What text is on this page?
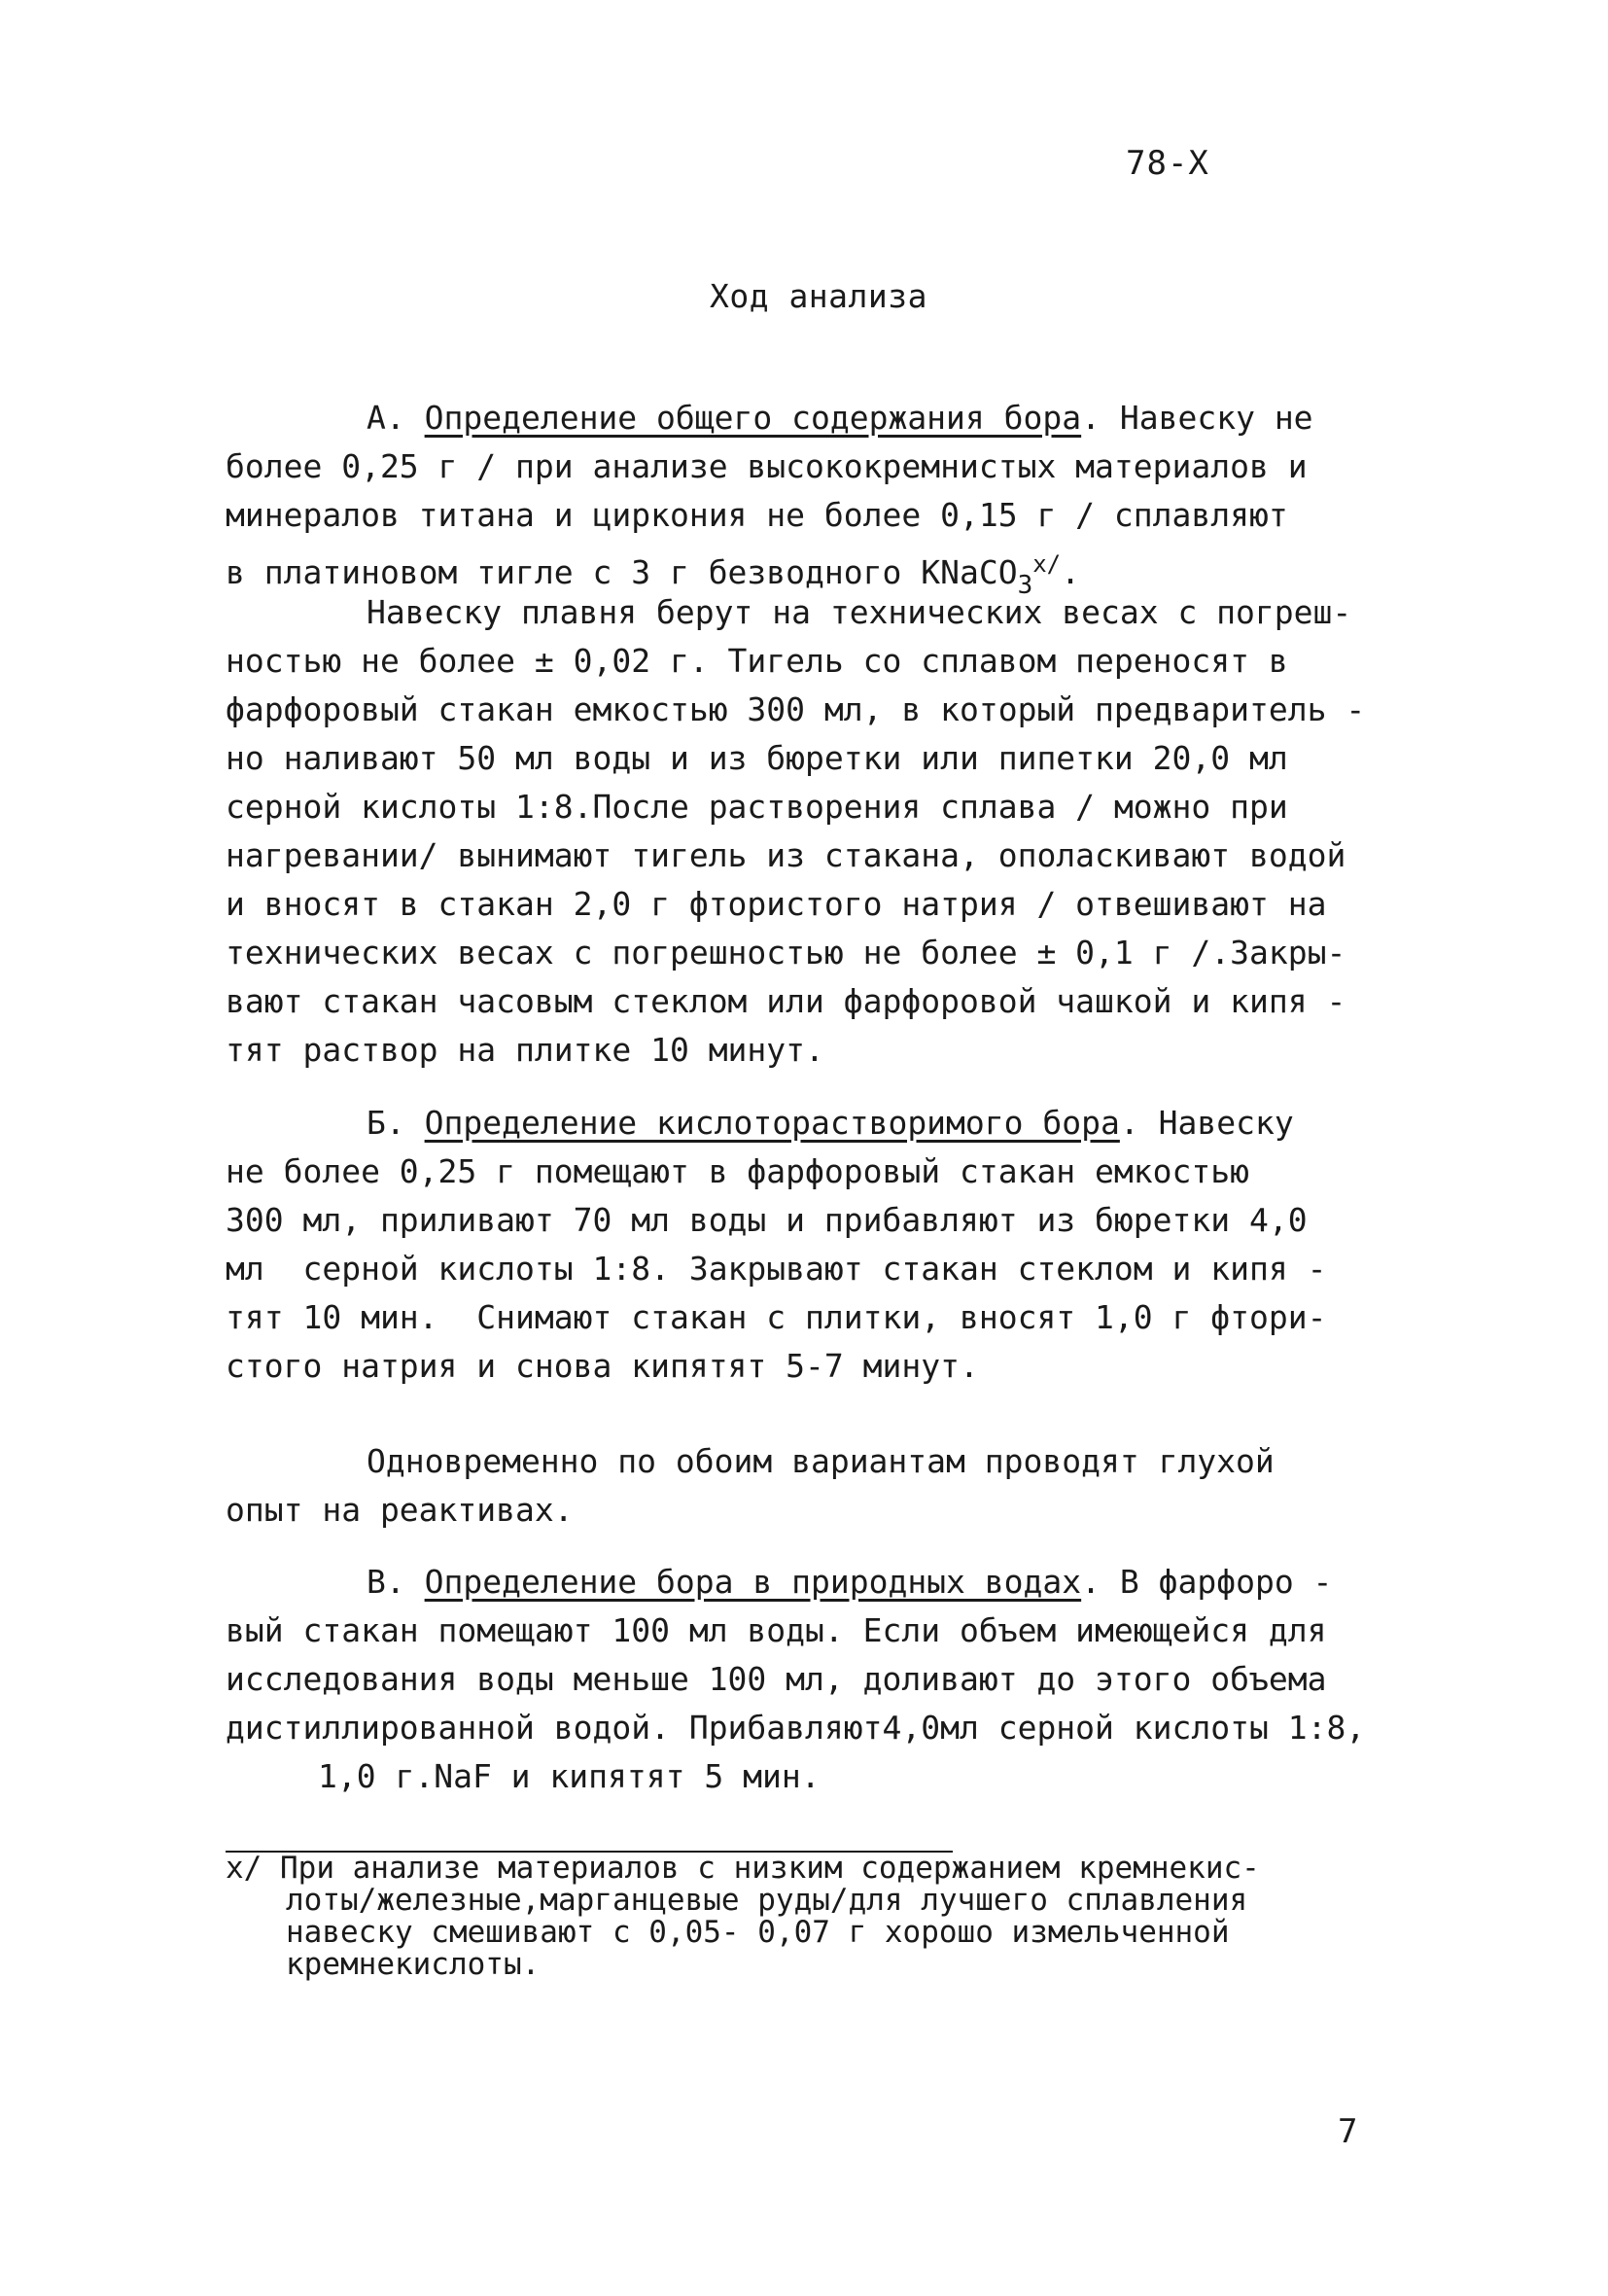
78-X
Ход анализа
А. Определение общего содержания бора. Навеску не
более 0,25 г / при анализе высококремнистых материалов и
минералов титана и циркония не более 0,15 г / сплавляют
в платиновом тигле с 3 г безводного KNaCO$_3^{x/}$.
Навеску плавня берут на технических весах с погреш-
ностью не более ± 0,02 г. Тигель со сплавом переносят в
фарфоровый стакан емкостью 300 мл, в который предваритель -
но наливают 50 мл воды и из бюретки или пипетки 20,0 мл
серной кислоты 1:8.После растворения сплава / можно при
нагревании/ вынимают тигель из стакана, ополаскивают водой
и вносят в стакан 2,0 г фтористого натрия / отвешивают на
технических весах с погрешностью не более ± 0,1 г /.Закры-
вают стакан часовым стеклом или фарфоровой чашкой и кипя -
тят раствор на плитке 10 минут.
Б. Определение кислоторастворимого бора. Навеску
не более 0,25 г помещают в фарфоровый стакан емкостью
300 мл, приливают 70 мл воды и прибавляют из бюретки 4,0
мл  серной кислоты 1:8. Закрывают стакан стеклом и кипя -
тят 10 мин.  Снимают стакан с плитки, вносят 1,0 г фтори-
стого натрия и снова кипятят 5-7 минут.
Одновременно по обоим вариантам проводят глухой
опыт на реактивах.
В. Определение бора в природных водах. В фарфоро -
вый стакан помещают 100 мл воды. Если объем имеющейся для
исследования воды меньше 100 мл, доливают до этого объема
дистиллированной водой. Прибавляют4,0мл серной кислоты 1:8,
1,0 г.NaF и кипятят 5 мин.
x/ При анализе материалов с низким содержанием кремнекис-
лоты/железные,марганцевые руды/для лучшего сплавления
навеску смешивают с 0,05- 0,07 г хорошо измельченной
кремнекислоты.
7
